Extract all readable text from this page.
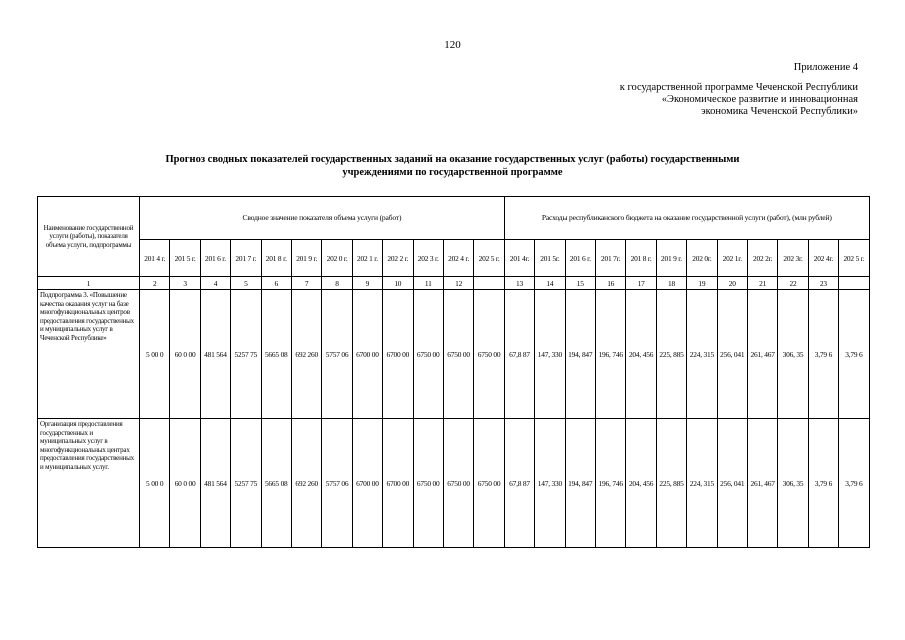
120
Приложение 4
к государственной программе Чеченской Республики
«Экономическое развитие и инновационная
экономика Чеченской Республики»
Прогноз сводных показателей государственных заданий на оказание государственных услуг (работы) государственными
учреждениями по государственной программе
Наименование государственной услуги (работы), показателя объема услуги, подпрограммы	Сводное значение показателя объема услуги (работ)												Расходы республиканского бюджета на оказание государственной услуги (работ), (млн рублей)											
	201 4 г.	201 5 г.	201 6 г.	201 7 г.	201 8 г.	201 9 г.	202 0 г.	202 1 г.	202 2 г.	202 3 г.	202 4 г.	202 5 г.	201 4г.	201 5г.	201 6 г.	201 7г.	201 8 г.	201 9 г.	202 0г.	202 1г.	202 2г.	202 3г.	202 4г.	202 5 г.
1	2	3	4	5	6	7	8	9	10	11	12		13	14	15	16	17	18	19	20	21	22	23	
Подпрограмма 3. «Повышение качества оказания услуг на базе многофункциональных центров предоставления государственных и муниципальных услуг в Чеченской Республике»	5 00 0	60 0 00	481 564	5257 75	5665 08	692 260	5757 06	6700 00	6700 00	6750 00	6750 00	6750 00	67,8 87	147, 330	194, 847	196, 746	204, 456	225, 885	224, 315	256, 041	261, 467	306, 35	3,79 6	3,79 6
Организация предоставления государственных и муниципальных услуг в многофункциональных центрах предоставления государственных и муниципальных услуг.	5 00 0	60 0 00	481 564	5257 75	5665 08	692 260	5757 06	6700 00	6700 00	6750 00	6750 00	6750 00	67,8 87	147, 330	194, 847	196, 746	204, 456	225, 885	224, 315	256, 041	261, 467	306, 35	3,79 6	3,79 6
